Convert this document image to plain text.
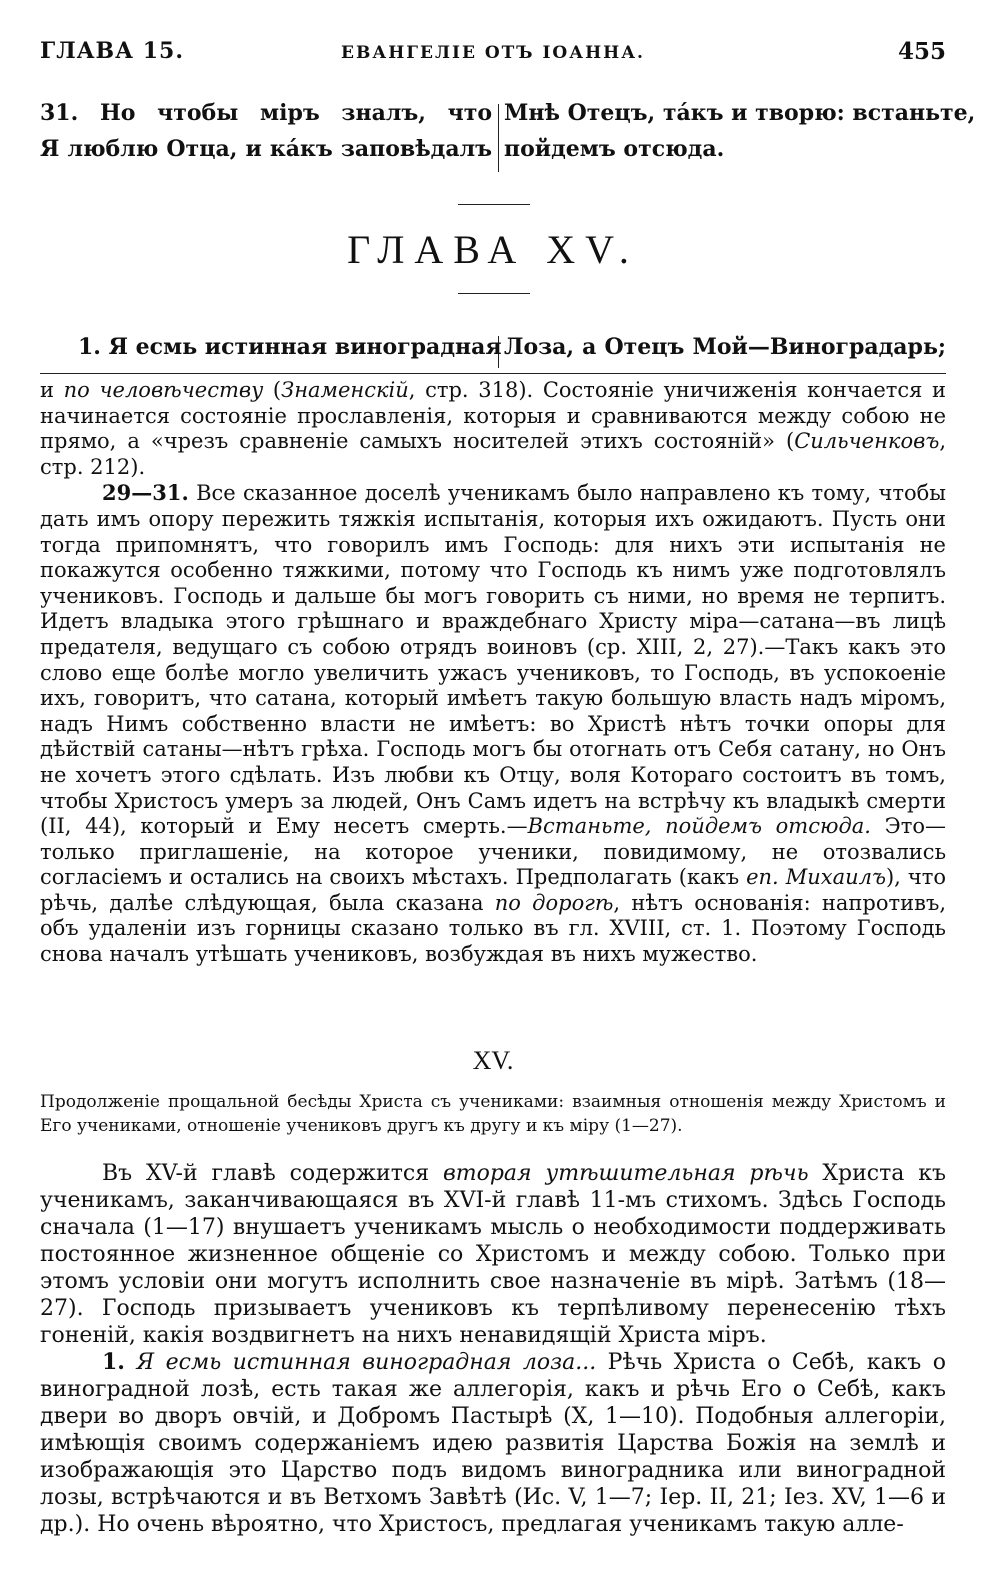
ГЛАВА 15.	ЕВАНГЕЛІЕ ОТЪ ІОАННА.	455
31. Но чтобы міръ зналъ, что Мнѣ Отецъ, тáкъ и творю: встаньте,
Я люблю Отца, и кáкъ заповѣдалъ пойдемъ отсюда.
ГЛАВА XV.
1. Я есмь истинная виноградная Лоза, а Отецъ Мой—Виноградарь;

и по человѣчеству (Знаменскій, стр. 318). Состояніе уничиженія кончается и начинается состояніе прославленія, которыя и сравниваются между собою не прямо, а «чрезъ сравненіе самыхъ носителей этихъ состояній» (Сильченковъ, стр. 212).

29—31. Все сказанное доселѣ ученикамъ было направлено къ тому, чтобы дать имъ опору пережить тяжкія испытанія, которыя ихъ ожидаютъ. Пусть они тогда припомнятъ, что говорилъ имъ Господь: для нихъ эти испытанія не покажутся особенно тяжкими, потому что Господь къ нимъ уже подготовлялъ учениковъ. Господь и дальше бы могъ говорить съ ними, но время не терпитъ. Идетъ владыка этого грѣшнаго и враждебнаго Христу міра—сатана—въ лицѣ предателя, ведущаго съ собою отрядъ воиновъ (ср. XIII, 2, 27).—Такъ какъ это слово еще болѣе могло увеличить ужасъ учениковъ, то Господь, въ успокоеніе ихъ, говоритъ, что сатана, который имѣетъ такую большую власть надъ міромъ, надъ Нимъ собственно власти не имѣетъ: во Христѣ нѣтъ точки опоры для дѣйствій сатаны—нѣтъ грѣха. Господь могъ бы отогнать отъ Себя сатану, но Онъ не хочетъ этого сдѣлать. Изъ любви къ Отцу, воля Котораго состоитъ въ томъ, чтобы Христосъ умеръ за людей, Онъ Самъ идетъ на встрѣчу къ владыкѣ смерти (II, 44), который и Ему несетъ смерть.—Встаньте, пойдемъ отсюда. Это—только приглашеніе, на которое ученики, повидимому, не отозвались согласіемъ и остались на своихъ мѣстахъ. Предполагать (какъ еп. Михаилъ), что рѣчь, далѣе слѣдующая, была сказана по дорогѣ, нѣтъ основанія: напротивъ, объ удаленіи изъ горницы сказано только въ гл. XVIII, ст. 1. Поэтому Господь снова началъ утѣшать учениковъ, возбуждая въ нихъ мужество.

XV.
Продолженіе прощальной бесѣды Христа съ учениками: взаимныя отношенія между Христомъ и Его учениками, отношеніе учениковъ другъ къ другу и къ міру (1—27).

Въ XV-й главѣ содержится вторая утѣшительная рѣчь Христа къ ученикамъ, заканчивающаяся въ XVI-й главѣ 11-мъ стихомъ. Здѣсь Господь сначала (1—17) внушаетъ ученикамъ мысль о необходимости поддерживать постоянное жизненное общеніе со Христомъ и между собою. Только при этомъ условіи они могутъ исполнить свое назначеніе въ мірѣ. Затѣмъ (18—27). Господь призываетъ учениковъ къ терпѣливому перенесенію тѣхъ гоненій, какія воздвигнетъ на нихъ ненавидящій Христа міръ.

1. Я есмь истинная виноградная лоза... Рѣчь Христа о Себѣ, какъ о виноградной лозѣ, есть такая же аллегорія, какъ и рѣчь Его о Себѣ, какъ двери во дворъ овчій, и Добромъ Пастырѣ (X, 1—10). Подобныя аллегоріи, имѣющія своимъ содержаніемъ идею развитія Царства Божія на землѣ и изображающія это Царство подъ видомъ виноградника или виноградной лозы, встрѣчаются и въ Ветхомъ Завѣтѣ (Ис. V, 1—7; Іер. II, 21; Іез. XV, 1—6 и др.). Но очень вѣроятно, что Христосъ, предлагая ученикамъ такую алле-
